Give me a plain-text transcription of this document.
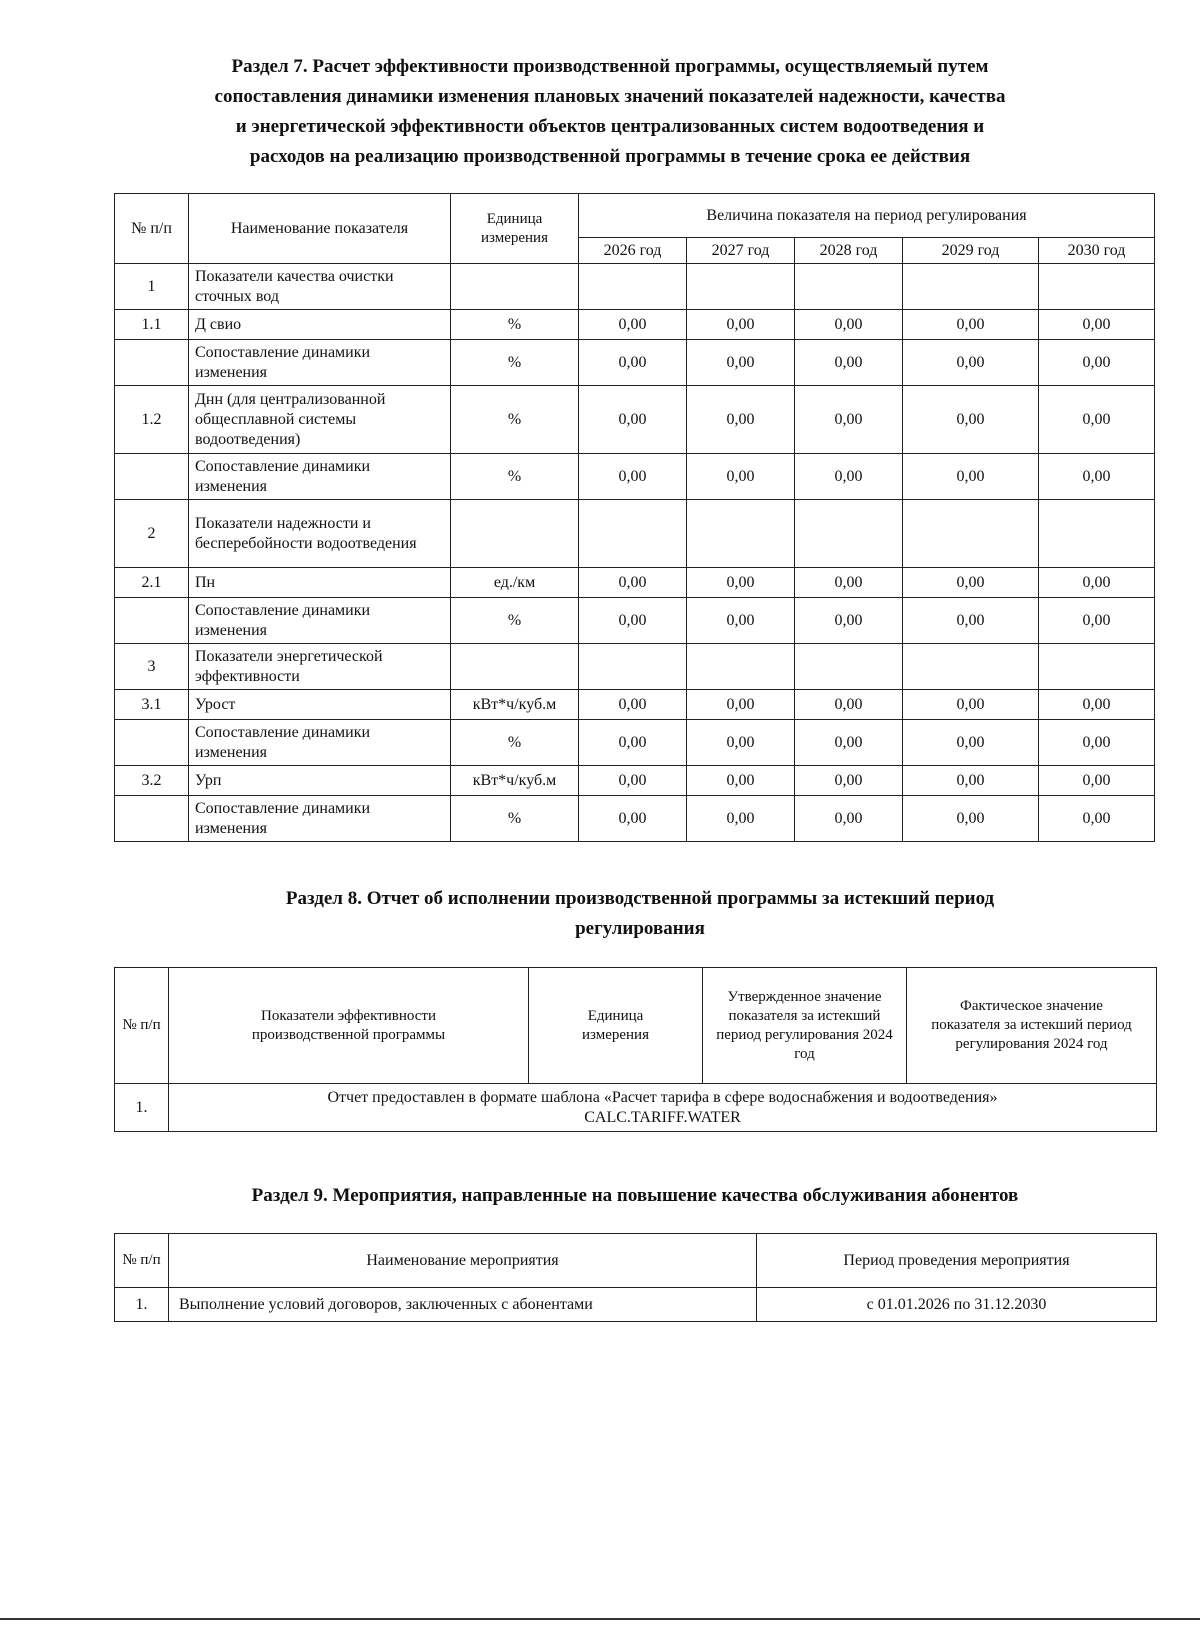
Раздел 7. Расчет эффективности производственной программы, осуществляемый путем
сопоставления динамики изменения плановых значений показателей надежности, качества
и энергетической эффективности объектов централизованных систем водоотведения и
расходов на реализацию производственной программы в течение срока ее действия
№ п/п	Наименование показателя	Единица измерения	Величина показателя на период регулирования				
			2026 год	2027 год	2028 год	2029 год	2030 год
1	Показатели качества очистки сточных вод						
1.1	Д свио	%	0,00	0,00	0,00	0,00	0,00
	Сопоставление динамики изменения	%	0,00	0,00	0,00	0,00	0,00
1.2	Днн (для централизованной общесплавной системы водоотведения)	%	0,00	0,00	0,00	0,00	0,00
	Сопоставление динамики изменения	%	0,00	0,00	0,00	0,00	0,00
2	Показатели надежности и бесперебойности водоотведения						
2.1	Пн	ед./км	0,00	0,00	0,00	0,00	0,00
	Сопоставление динамики изменения	%	0,00	0,00	0,00	0,00	0,00
3	Показатели энергетической эффективности						
3.1	Урост	кВт*ч/куб.м	0,00	0,00	0,00	0,00	0,00
	Сопоставление динамики изменения	%	0,00	0,00	0,00	0,00	0,00
3.2	Урп	кВт*ч/куб.м	0,00	0,00	0,00	0,00	0,00
	Сопоставление динамики изменения	%	0,00	0,00	0,00	0,00	0,00
Раздел 8. Отчет об исполнении производственной программы за истекший период
регулирования
№ п/п	Показатели эффективности производственной программы	Единица измерения	Утвержденное значение показателя за истекший период регулирования 2024 год	Фактическое значение показателя за истекший период регулирования 2024 год
1.	Отчет предоставлен в формате шаблона «Расчет тарифа в сфере водоснабжения и водоотведения»
CALC.TARIFF.WATER			
Раздел 9. Мероприятия, направленные на повышение качества обслуживания абонентов
№ п/п	Наименование мероприятия	Период проведения мероприятия
1.	Выполнение условий договоров, заключенных с абонентами	с 01.01.2026 по 31.12.2030
